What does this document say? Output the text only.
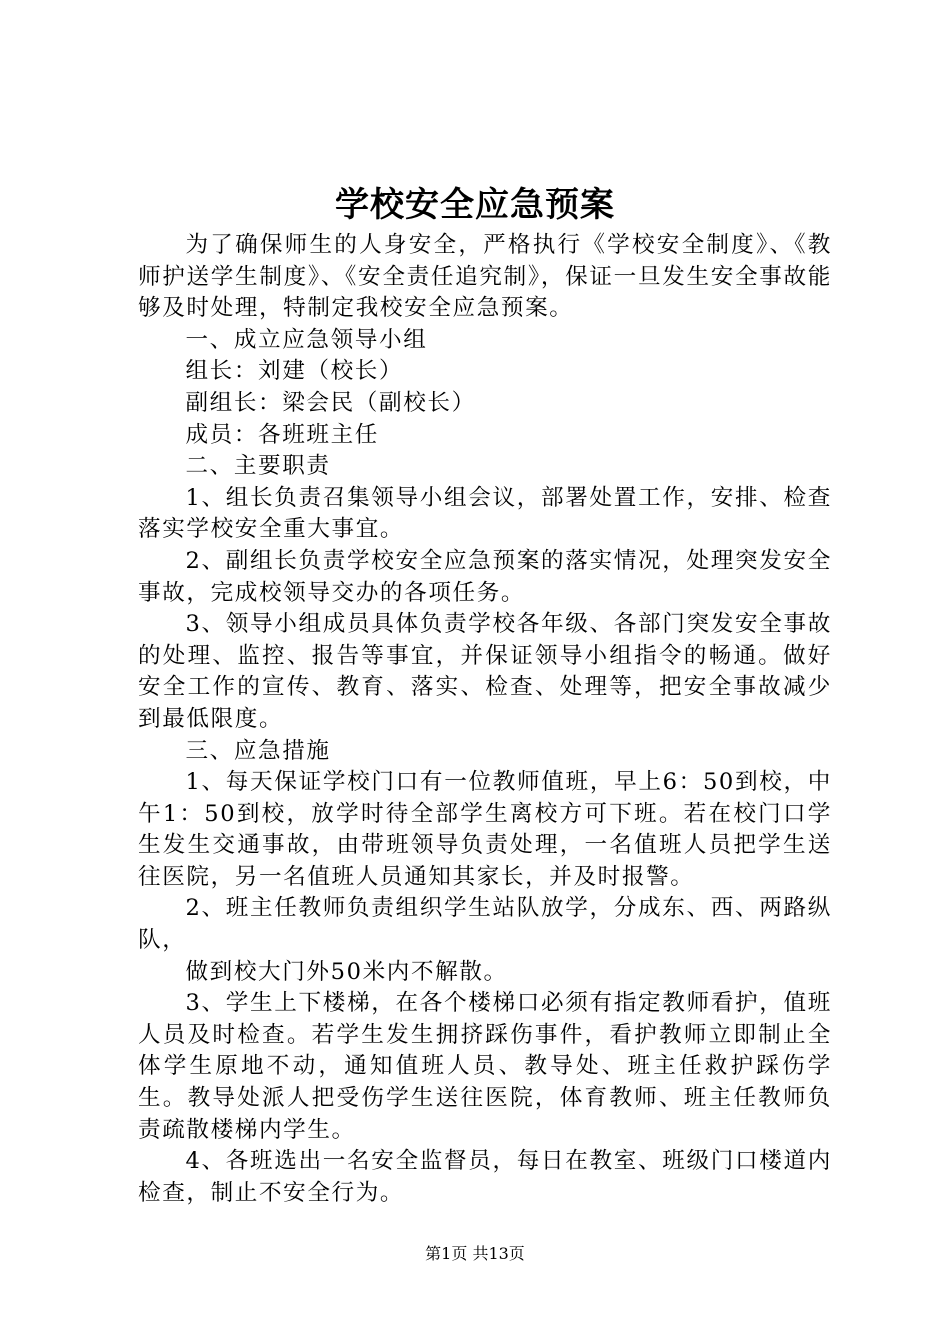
学校安全应急预案

为了确保师生的人身安全，严格执行《学校安全制度》、《教师护送学生制度》、《安全责任追究制》，保证一旦发生安全事故能够及时处理，特制定我校安全应急预案。

一、成立应急领导小组

组长：刘建（校长）

副组长：梁会民（副校长）

成员：各班班主任

二、主要职责

1、组长负责召集领导小组会议，部署处置工作，安排、检查落实学校安全重大事宜。

2、副组长负责学校安全应急预案的落实情况，处理突发安全事故，完成校领导交办的各项任务。

3、领导小组成员具体负责学校各年级、各部门突发安全事故的处理、监控、报告等事宜，并保证领导小组指令的畅通。做好安全工作的宣传、教育、落实、检查、处理等，把安全事故减少到最低限度。

三、应急措施

1、每天保证学校门口有一位教师值班，早上6：50到校，中午1：50到校，放学时待全部学生离校方可下班。若在校门口学生发生交通事故，由带班领导负责处理，一名值班人员把学生送往医院，另一名值班人员通知其家长，并及时报警。

2、班主任教师负责组织学生站队放学，分成东、西、两路纵队，

做到校大门外50米内不解散。

3、学生上下楼梯，在各个楼梯口必须有指定教师看护，值班人员及时检查。若学生发生拥挤踩伤事件，看护教师立即制止全体学生原地不动，通知值班人员、教导处、班主任救护踩伤学生。教导处派人把受伤学生送往医院，体育教师、班主任教师负责疏散楼梯内学生。

4、各班选出一名安全监督员，每日在教室、班级门口楼道内检查，制止不安全行为。

第1页 共13页
